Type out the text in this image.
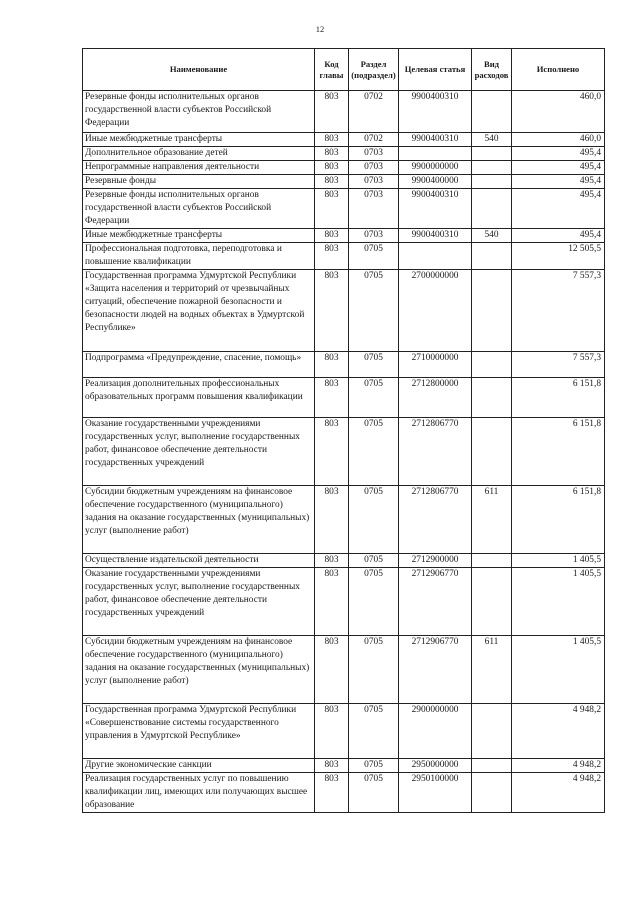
12
Наименование	Код главы	Раздел (подраздел)	Целевая статья	Вид расходов	Исполнено
Резервные фонды исполнительных органов государственной власти субъектов Российской Федерации	803	0702	9900400310		460,0
Иные межбюджетные трансферты	803	0702	9900400310	540	460,0
Дополнительное образование детей	803	0703			495,4
Непрограммные направления деятельности	803	0703	9900000000		495,4
Резервные фонды	803	0703	9900400000		495,4
Резервные фонды исполнительных органов государственной власти субъектов Российской Федерации	803	0703	9900400310		495,4
Иные межбюджетные трансферты	803	0703	9900400310	540	495,4
Профессиональная подготовка, переподготовка и повышение квалификации	803	0705			12 505,5
Государственная программа Удмуртской Республики «Защита населения и территорий от чрезвычайных ситуаций, обеспечение пожарной безопасности и безопасности людей на водных объектах в Удмуртской Республике»	803	0705	2700000000		7 557,3
Подпрограмма «Предупреждение, спасение, помощь»	803	0705	2710000000		7 557,3
Реализация дополнительных профессиональных образовательных программ повышения квалификации	803	0705	2712800000		6 151,8
Оказание государственными учреждениями государственных услуг, выполнение государственных работ, финансовое обеспечение деятельности государственных учреждений	803	0705	2712806770		6 151,8
Субсидии бюджетным учреждениям на финансовое обеспечение государственного (муниципального) задания на оказание государственных (муниципальных) услуг (выполнение работ)	803	0705	2712806770	611	6 151,8
Осуществление издательской деятельности	803	0705	2712900000		1 405,5
Оказание государственными учреждениями государственных услуг, выполнение государственных работ, финансовое обеспечение деятельности государственных учреждений	803	0705	2712906770		1 405,5
Субсидии бюджетным учреждениям на финансовое обеспечение государственного (муниципального) задания на оказание государственных (муниципальных) услуг (выполнение работ)	803	0705	2712906770	611	1 405,5
Государственная программа Удмуртской Республики «Совершенствование системы государственного управления в Удмуртской Республике»	803	0705	2900000000		4 948,2
Другие экономические санкции	803	0705	2950000000		4 948,2
Реализация государственных услуг по повышению квалификации лиц, имеющих или получающих высшее образование	803	0705	2950100000		4 948,2
